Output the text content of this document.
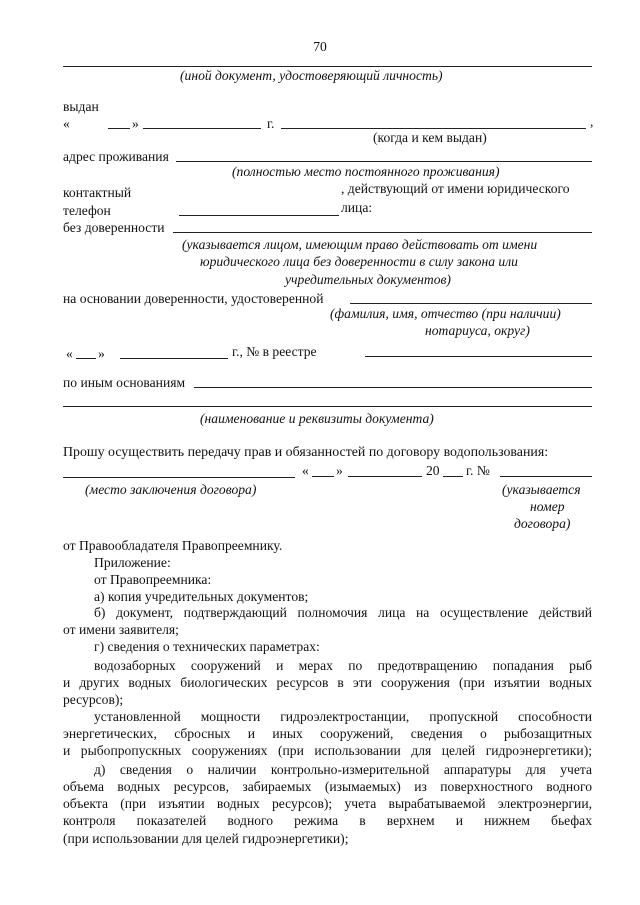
70
(иной документ, удостоверяющий личность)
выдан
«	»	г.	,
(когда и кем выдан)
адрес проживания
(полностью место постоянного проживания)
контактный
телефон
, действующий от имени юридического
лица:
без доверенности
(указывается лицом, имеющим право действовать от имени
юридического лица без доверенности в силу закона или
учредительных документов)
на основании доверенности, удостоверенной
(фамилия, имя, отчество (при наличии)
нотариуса, округ)
« »	г., № в реестре
по иным основаниям
(наименование и реквизиты документа)
Прошу осуществить передачу прав и обязанностей по договору водопользования:
« »	20 г. №
(место заключения договора)	(указывается
номер
договора)
от Правообладателя Правопреемнику.
Приложение:
от Правопреемника:
а) копия учредительных документов;
б) документ, подтверждающий полномочия лица на осуществление действий
от имени заявителя;
г) сведения о технических параметрах:
водозаборных сооружений и мерах по предотвращению попадания рыб
и других водных биологических ресурсов в эти сооружения (при изъятии водных
ресурсов);
установленной мощности гидроэлектростанции, пропускной способности
энергетических, сбросных и иных сооружений, сведения о рыбозащитных
и рыбопропускных сооружениях (при использовании для целей гидроэнергетики);
д) сведения о наличии контрольно-измерительной аппаратуры для учета
объема водных ресурсов, забираемых (изымаемых) из поверхностного водного
объекта (при изъятии водных ресурсов); учета вырабатываемой электроэнергии,
контроля показателей водного режима в верхнем и нижнем бьефах
(при использовании для целей гидроэнергетики);
